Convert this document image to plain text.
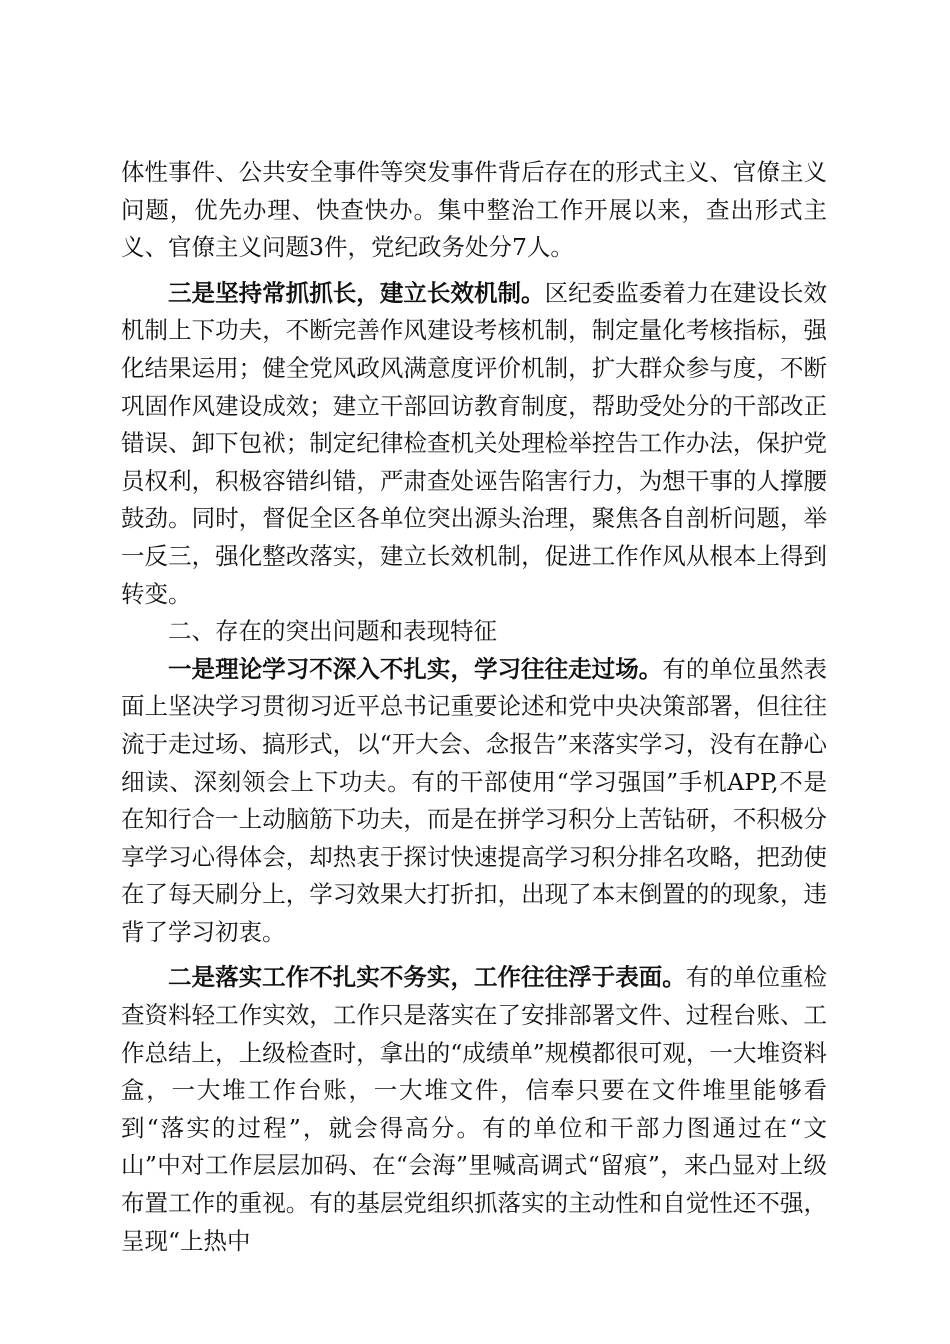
体性事件、公共安全事件等突发事件背后存在的形式主义、官僚主义问题，优先办理、快查快办。集中整治工作开展以来，查出形式主义、官僚主义问题3件，党纪政务处分7人。

三是坚持常抓抓长，建立长效机制。区纪委监委着力在建设长效机制上下功夫，不断完善作风建设考核机制，制定量化考核指标，强化结果运用；健全党风政风满意度评价机制，扩大群众参与度，不断巩固作风建设成效；建立干部回访教育制度，帮助受处分的干部改正错误、卸下包袱；制定纪律检查机关处理检举控告工作办法，保护党员权利，积极容错纠错，严肃查处诬告陷害行力，为想干事的人撑腰鼓劲。同时，督促全区各单位突出源头治理，聚焦各自剖析问题，举一反三，强化整改落实，建立长效机制，促进工作作风从根本上得到转变。

二、存在的突出问题和表现特征

一是理论学习不深入不扎实，学习往往走过场。有的单位虽然表面上坚决学习贯彻习近平总书记重要论述和党中央决策部署，但往往流于走过场、搞形式，以“开大会、念报告”来落实学习，没有在静心细读、深刻领会上下功夫。有的干部使用“学习强国”手机APP,不是在知行合一上动脑筋下功夫，而是在拼学习积分上苦钻研，不积极分享学习心得体会，却热衷于探讨快速提高学习积分排名攻略，把劲使在了每天刷分上，学习效果大打折扣，出现了本末倒置的的现象，违背了学习初衷。

二是落实工作不扎实不务实，工作往往浮于表面。有的单位重检查资料轻工作实效，工作只是落实在了安排部署文件、过程台账、工作总结上，上级检查时，拿出的“成绩单”规模都很可观，一大堆资料盒，一大堆工作台账，一大堆文件，信奉只要在文件堆里能够看到“落实的过程”，就会得高分。有的单位和干部力图通过在“文山”中对工作层层加码、在“会海”里喊高调式“留痕”，来凸显对上级布置工作的重视。有的基层党组织抓落实的主动性和自觉性还不强，呈现“上热中
